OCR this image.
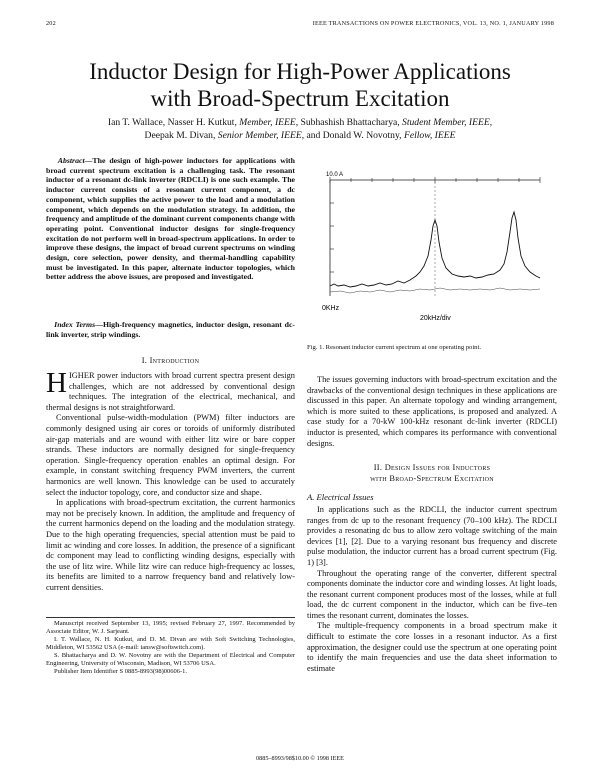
202	IEEE TRANSACTIONS ON POWER ELECTRONICS, VOL. 13, NO. 1, JANUARY 1998
Inductor Design for High-Power Applications
with Broad-Spectrum Excitation
Ian T. Wallace, Nasser H. Kutkut, Member, IEEE, Subhashish Bhattacharya, Student Member, IEEE,
Deepak M. Divan, Senior Member, IEEE, and Donald W. Novotny, Fellow, IEEE
Abstract—The design of high-power inductors for applications with broad current spectrum excitation is a challenging task. The resonant inductor of a resonant dc-link inverter (RDCLI) is one such example. The inductor current consists of a resonant current component, a dc component, which supplies the active power to the load and a modulation component, which depends on the modulation strategy. In addition, the frequency and amplitude of the dominant current components change with operating point. Conventional inductor designs for single-frequency excitation do not perform well in broad-spectrum applications. In order to improve these designs, the impact of broad current spectrums on winding design, core selection, power density, and thermal-handling capability must be investigated. In this paper, alternate inductor topologies, which better address the above issues, are proposed and investigated.
Index Terms—High-frequency magnetics, inductor design, resonant dc-link inverter, strip windings.
I. Introduction

HIGHER power inductors with broad current spectra present design challenges, which are not addressed by conventional design techniques. The integration of the electrical, mechanical, and thermal designs is not straightforward.

Conventional pulse-width-modulation (PWM) filter inductors are commonly designed using air cores or toroids of uniformly distributed air-gap materials and are wound with either litz wire or bare copper strands. These inductors are normally designed for single-frequency operation. Single-frequency operation enables an optimal design. For example, in constant switching frequency PWM inverters, the current harmonics are well known. This knowledge can be used to accurately select the inductor topology, core, and conductor size and shape.

In applications with broad-spectrum excitation, the current harmonics may not be precisely known. In addition, the amplitude and frequency of the current harmonics depend on the loading and the modulation strategy. Due to the high operating frequencies, special attention must be paid to limit ac winding and core losses. In addition, the presence of a significant dc component may lead to conflicting winding designs, especially with the use of litz wire. While litz wire can reduce high-frequency ac losses, its benefits are limited to a narrow frequency band and relatively low-current densities.

Manuscript received September 13, 1995; revised February 27, 1997. Recommended by Associate Editor, W. J. Sarjeant.

I. T. Wallace, N. H. Kutkut, and D. M. Divan are with Soft Switching Technologies, Middleton, WI 53562 USA (e-mail: iansw@softswitch.com).

S. Bhattacharya and D. W. Novotny are with the Department of Electrical and Computer Engineering, University of Wisconsin, Madison, WI 53706 USA.

Publisher Item Identifier S 0885-8993(98)00606-1.

10.0 A
0KHz
20kHz/div
Fig. 1. Resonant inductor current spectrum at one operating point.

The issues governing inductors with broad-spectrum excitation and the drawbacks of the conventional design techniques in these applications are discussed in this paper. An alternate topology and winding arrangement, which is more suited to these applications, is proposed and analyzed. A case study for a 70-kW 100-kHz resonant dc-link inverter (RDCLI) inductor is presented, which compares its performance with conventional designs.

II. Design Issues for Inductors
with Broad-Spectrum Excitation
A. Electrical Issues

In applications such as the RDCLI, the inductor current spectrum ranges from dc up to the resonant frequency (70–100 kHz). The RDCLI provides a resonating dc bus to allow zero voltage switching of the main devices [1], [2]. Due to a varying resonant bus frequency and discrete pulse modulation, the inductor current has a broad current spectrum (Fig. 1) [3].

Throughout the operating range of the converter, different spectral components dominate the inductor core and winding losses. At light loads, the resonant current component produces most of the losses, while at full load, the dc current component in the inductor, which can be five–ten times the resonant current, dominates the losses.

The multiple-frequency components in a broad spectrum make it difficult to estimate the core losses in a resonant inductor. As a first approximation, the designer could use the spectrum at one operating point to identify the main frequencies and use the data sheet information to estimate

0885–8993/98$10.00 © 1998 IEEE
